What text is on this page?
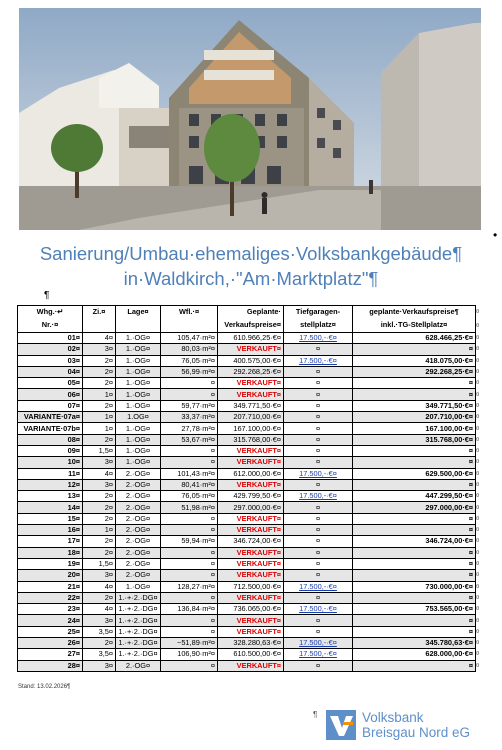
•
Sanierung/Umbau·ehemaliges·Volksbankgebäude¶
in·Waldkirch,·"Am·Marktplatz"¶
¶
Whg.·↵	Zi.¤	Lage¤	Wfl.·¤	Geplante·	Tiefgaragen-	geplante·Verkaufspreise¶	¤
Nr.·¤				Verkaufspreise¤	stellplatz¤	inkl.·TG-Stellplatz¤	¤
01¤	4¤	1.·OG¤	105,47·m²¤	610.966,25·€¤	17.500,-·€¤	628.466,25·€¤	¤
02¤	3¤	1.·OG¤	80,03·m²¤	VERKAUFT¤	¤	¤	¤
03¤	2¤	1.·OG¤	76,05·m²¤	400.575,00·€¤	17.500,-·€¤	418.075,00·€¤	¤
04¤	2¤	1.·OG¤	56,99·m²¤	292.268,25·€¤	¤	292.268,25·€¤	¤
05¤	2¤	1.·OG¤	¤	VERKAUFT¤	¤	¤	¤
06¤	1¤	1.·OG¤	¤	VERKAUFT¤	¤	¤	¤
07¤	2¤	1.·OG¤	59,77·m²¤	349.771,50·€¤	¤	349.771,50·€¤	¤
VARIANTE·07a¤	1¤	1.OG¤	33,37·m²¤	207.710,00·€¤	¤	207.710,00·€¤	¤
VARIANTE·07b¤	1¤	1.·OG¤	27,78·m²¤	167.100,00·€¤	¤	167.100,00·€¤	¤
08¤	2¤	1.·OG¤	53,67·m²¤	315.768,00·€¤	¤	315.768,00·€¤	¤
09¤	1,5¤	1.·OG¤	¤	VERKAUFT¤	¤	¤	¤
10¤	3¤	1.·OG¤	¤	VERKAUFT¤	¤	¤	¤
11¤	4¤	2.·OG¤	101,43·m²¤	612.000,00·€¤	17.500,-·€¤	629.500,00·€¤	¤
12¤	3¤	2.·OG¤	80,41·m²¤	VERKAUFT¤	¤	¤	¤
13¤	2¤	2.·OG¤	76,05·m²¤	429.799,50·€¤	17.500,-·€¤	447.299,50·€¤	¤
14¤	2¤	2.·OG¤	51,98·m²¤	297.000,00·€¤	¤	297.000,00·€¤	¤
15¤	2¤	2.·OG¤	¤	VERKAUFT¤	¤	¤	¤
16¤	1¤	2.·OG¤	¤	VERKAUFT¤	¤	¤	¤
17¤	2¤	2.·OG¤	59,94·m²¤	346.724,00·€¤	¤	346.724,00·€¤	¤
18¤	2¤	2.·OG¤	¤	VERKAUFT¤	¤	¤	¤
19¤	1,5¤	2.·OG¤	¤	VERKAUFT¤	¤	¤	¤
20¤	3¤	2.·OG¤	¤	VERKAUFT¤	¤	¤	¤
21¤	4¤	1.·OG¤	128,27·m²¤	712.500,00·€¤	17.500,-·€¤	730.000,00·€¤	¤
22¤	2¤	1.·+·2.·DG¤	¤	VERKAUFT¤	¤	¤	¤
23¤	4¤	1.·+·2.·DG¤	136,84·m²¤	736.065,00·€¤	17.500,-·€¤	753.565,00·€¤	¤
24¤	3¤	1.·+·2.·DG¤	¤	VERKAUFT¤	¤	¤	¤
25¤	3,5¤	1.·+·2.·DG¤	¤	VERKAUFT¤	¤	¤	¤
26¤	2¤	1.·+·2.·DG¤	~51,89·m²¤	328.280,63·€¤	17.500,-·€¤	345.780,63·€¤	¤
27¤	3,5¤	1.·+·2.·DG¤	106,90·m²¤	610.500,00·€¤	17.500,-·€¤	628.000,00·€¤	¤
28¤	3¤	2.·OG¤	¤	VERKAUFT¤	¤	¤	¤
Stand: 13.02.2026¶
¶	Volksbank
Breisgau Nord eG
